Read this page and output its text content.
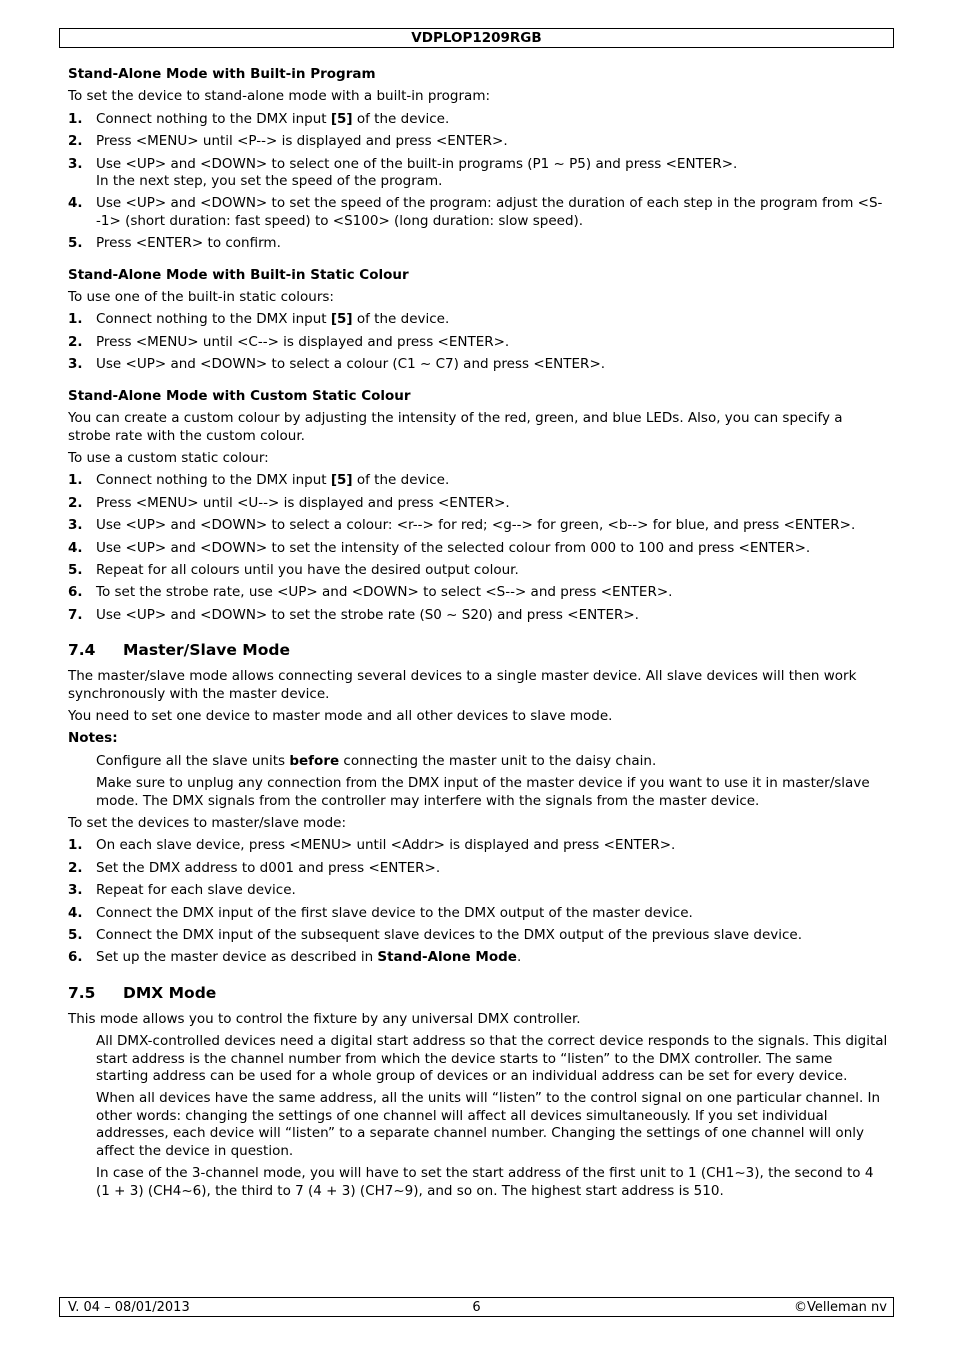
VDPLOP1209RGB
Stand-Alone Mode with Built-in Program

To set the device to stand-alone mode with a built-in program:

1. Connect nothing to the DMX input [5] of the device.
2. Press <MENU> until <P--> is displayed and press <ENTER>.
3. Use <UP> and <DOWN> to select one of the built-in programs (P1 ~ P5) and press <ENTER>.
In the next step, you set the speed of the program.
4. Use <UP> and <DOWN> to set the speed of the program: adjust the duration of each step in the program from <S--1> (short duration: fast speed) to <S100> (long duration: slow speed).
5. Press <ENTER> to confirm.
Stand-Alone Mode with Built-in Static Colour

To use one of the built-in static colours:

1. Connect nothing to the DMX input [5] of the device.
2. Press <MENU> until <C--> is displayed and press <ENTER>.
3. Use <UP> and <DOWN> to select a colour (C1 ~ C7) and press <ENTER>.
Stand-Alone Mode with Custom Static Colour

You can create a custom colour by adjusting the intensity of the red, green, and blue LEDs. Also, you can specify a strobe rate with the custom colour.

To use a custom static colour:

1. Connect nothing to the DMX input [5] of the device.
2. Press <MENU> until <U--> is displayed and press <ENTER>.
3. Use <UP> and <DOWN> to select a colour: <r--> for red; <g--> for green, <b--> for blue, and press <ENTER>.
4. Use <UP> and <DOWN> to set the intensity of the selected colour from 000 to 100 and press <ENTER>.
5. Repeat for all colours until you have the desired output colour.
6. To set the strobe rate, use <UP> and <DOWN> to select <S--> and press <ENTER>.
7. Use <UP> and <DOWN> to set the strobe rate (S0 ~ S20) and press <ENTER>.
7.4 Master/Slave Mode

The master/slave mode allows connecting several devices to a single master device. All slave devices will then work synchronously with the master device.

You need to set one device to master mode and all other devices to slave mode.

Notes:

Configure all the slave units before connecting the master unit to the daisy chain.

Make sure to unplug any connection from the DMX input of the master device if you want to use it in master/slave mode. The DMX signals from the controller may interfere with the signals from the master device.

To set the devices to master/slave mode:

1. On each slave device, press <MENU> until <Addr> is displayed and press <ENTER>.
2. Set the DMX address to d001 and press <ENTER>.
3. Repeat for each slave device.
4. Connect the DMX input of the first slave device to the DMX output of the master device.
5. Connect the DMX input of the subsequent slave devices to the DMX output of the previous slave device.
6. Set up the master device as described in Stand-Alone Mode.
7.5 DMX Mode

This mode allows you to control the fixture by any universal DMX controller.

All DMX-controlled devices need a digital start address so that the correct device responds to the signals. This digital start address is the channel number from which the device starts to “listen” to the DMX controller. The same starting address can be used for a whole group of devices or an individual address can be set for every device.

When all devices have the same address, all the units will “listen” to the control signal on one particular channel. In other words: changing the settings of one channel will affect all devices simultaneously. If you set individual addresses, each device will “listen” to a separate channel number. Changing the settings of one channel will only affect the device in question.

In case of the 3-channel mode, you will have to set the start address of the first unit to 1 (CH1~3), the second to 4 (1 + 3) (CH4~6), the third to 7 (4 + 3) (CH7~9), and so on. The highest start address is 510.

V. 04 – 08/01/2013	6	©Velleman nv
